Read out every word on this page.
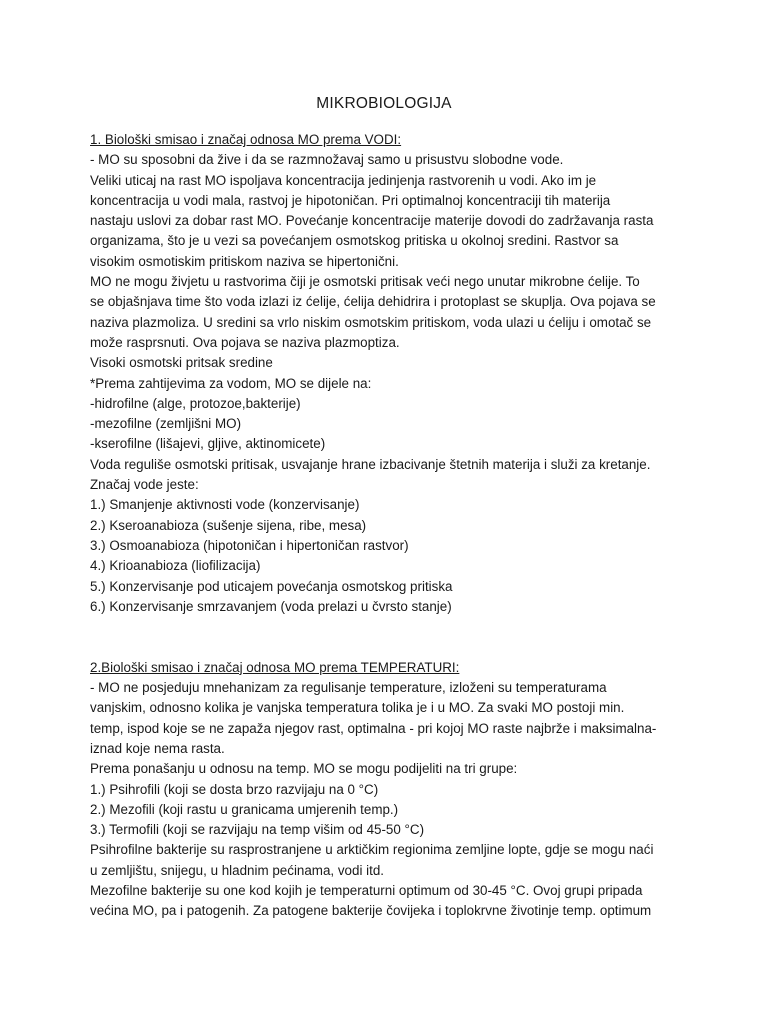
MIKROBIOLOGIJA
1. Biološki smisao i značaj odnosa MO prema VODI:
- MO su sposobni da žive i da se razmnožavaj samo u prisustvu slobodne vode.
Veliki uticaj na rast MO ispoljava koncentracija jedinjenja rastvorenih u vodi. Ako im je
koncentracija u vodi mala, rastvoj je hipotoničan. Pri optimalnoj koncentraciji tih materija
nastaju uslovi za dobar rast MO. Povećanje koncentracije materije dovodi do zadržavanja rasta
organizama, što je u vezi sa povećanjem osmotskog pritiska u okolnoj sredini. Rastvor sa
visokim osmotiskim pritiskom naziva se hipertonični.
MO ne mogu živjetu u rastvorima čiji je osmotski pritisak veći nego unutar mikrobne ćelije. To
se objašnjava time što voda izlazi iz ćelije, ćelija dehidrira i protoplast se skuplja. Ova pojava se
naziva plazmoliza. U sredini sa vrlo niskim osmotskim pritiskom, voda ulazi u ćeliju i omotač se
može rasprsnuti. Ova pojava se naziva plazmoptiza.
Visoki osmotski pritsak sredine
*Prema zahtijevima za vodom, MO se dijele na:
-hidrofilne (alge, protozoe,bakterije)
-mezofilne (zemljišni MO)
-kserofilne (lišajevi, gljive, aktinomicete)
Voda reguliše osmotski pritisak, usvajanje hrane izbacivanje štetnih materija i služi za kretanje.
Značaj vode jeste:
1.) Smanjenje aktivnosti vode (konzervisanje)
2.) Kseroanabioza (sušenje sijena, ribe, mesa)
3.) Osmoanabioza (hipotoničan i hipertoničan rastvor)
4.) Krioanabioza (liofilizacija)
5.) Konzervisanje pod uticajem povećanja osmotskog pritiska
6.) Konzervisanje smrzavanjem (voda prelazi u čvrsto stanje)
2.Biološki smisao i značaj odnosa MO prema TEMPERATURI:
- MO ne posjeduju mnehanizam za regulisanje temperature, izloženi su temperaturama
vanjskim, odnosno kolika je vanjska temperatura tolika je i u MO. Za svaki MO postoji min.
temp, ispod koje se ne zapaža njegov rast, optimalna - pri kojoj MO raste najbrže i maksimalna-
iznad koje nema rasta.
Prema ponašanju u odnosu na temp. MO se mogu podijeliti na tri grupe:
1.) Psihrofili (koji se dosta brzo razvijaju na 0 °C)
2.) Mezofili (koji rastu u granicama umjerenih temp.)
3.) Termofili (koji se razvijaju na temp višim od 45-50 °C)
Psihrofilne bakterije su rasprostranjene u arktičkim regionima zemljine lopte, gdje se mogu naći
u zemljištu, snijegu, u hladnim pećinama, vodi itd.
Mezofilne bakterije su one kod kojih je temperaturni optimum od 30-45 °C. Ovoj grupi pripada
većina MO, pa i patogenih. Za patogene bakterije čovijeka i toplokrvne životinje temp. optimum
